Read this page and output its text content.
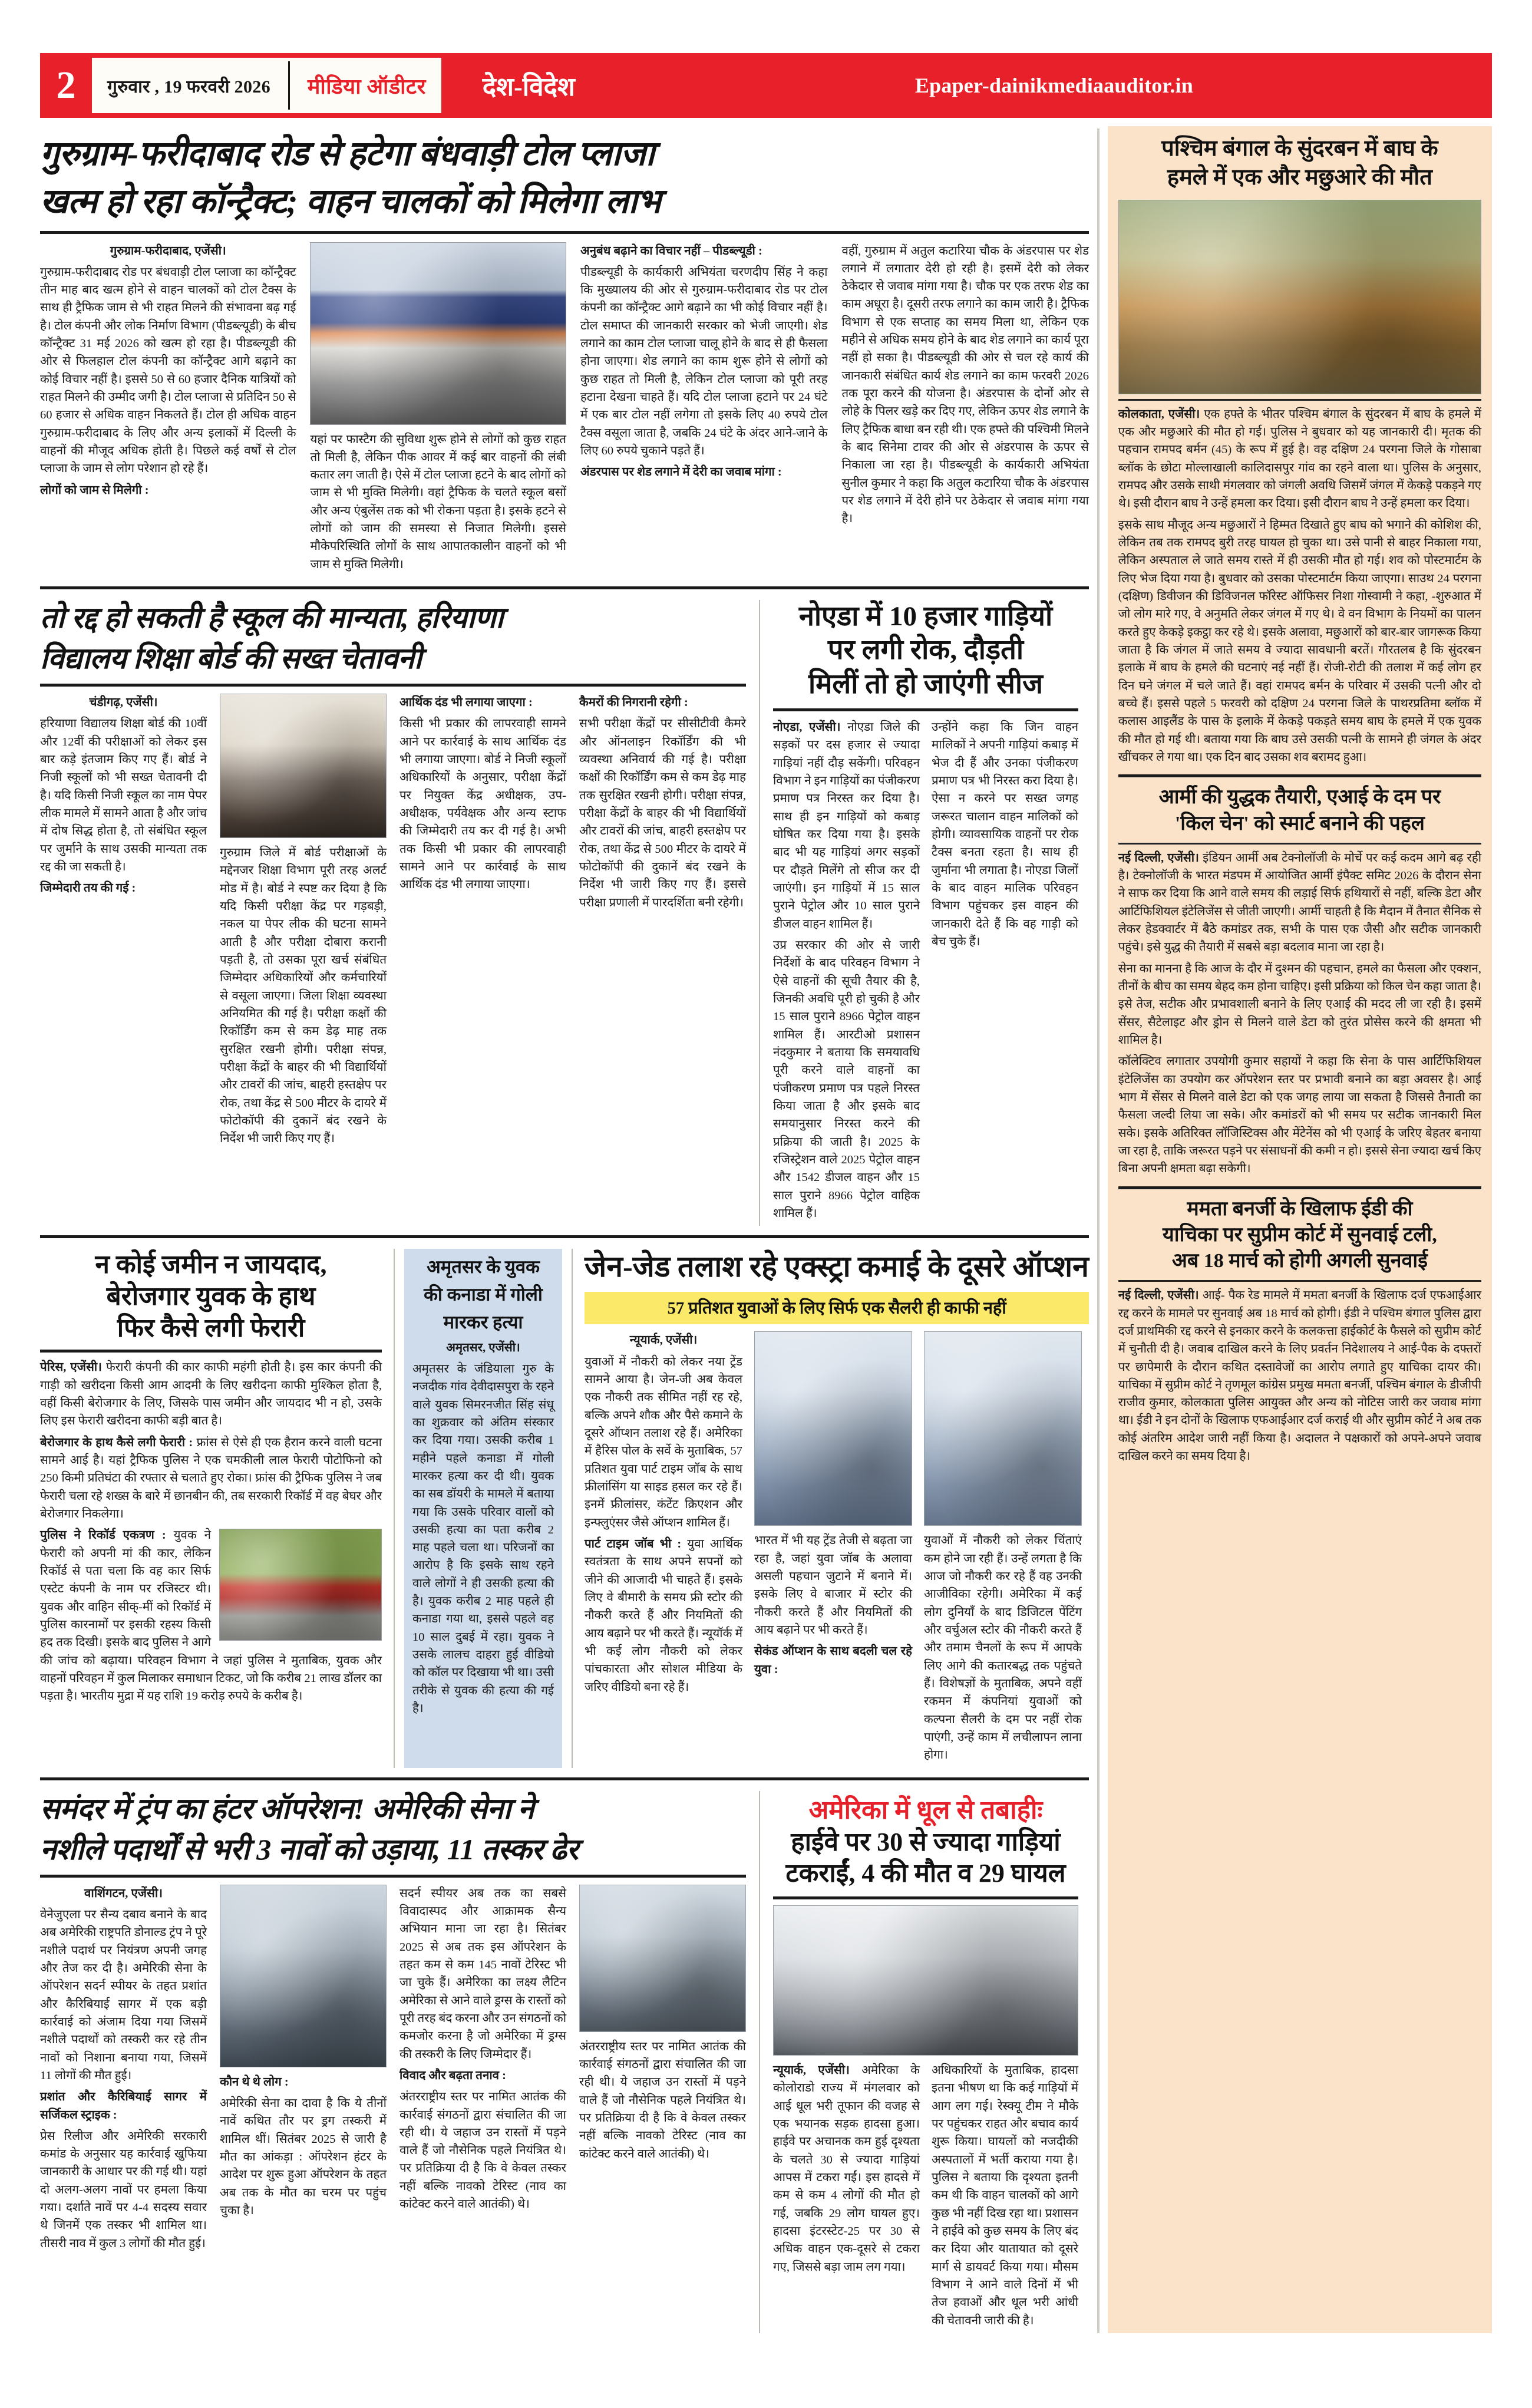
2	गुरुवार , 19 फरवरी 2026 मीडिया ऑडीटर	देश-विदेश	Epaper-dainikmediaauditor.in
गुरुग्राम-फरीदाबाद रोड से हटेगा बंधवाड़ी टोल प्लाजा
खत्म हो रहा कॉन्ट्रैक्ट; वाहन चालकों को मिलेगा लाभ

गुरुग्राम-फरीदाबाद, एजेंसी।

गुरुग्राम-फरीदाबाद रोड पर बंधवाड़ी टोल प्लाजा का कॉन्ट्रैक्ट तीन माह बाद खत्म होने से वाहन चालकों को टोल टैक्स के साथ ही ट्रैफिक जाम से भी राहत मिलने की संभावना बढ़ गई है। टोल कंपनी और लोक निर्माण विभाग (पीडब्ल्यूडी) के बीच कॉन्ट्रैक्ट 31 मई 2026 को खत्म हो रहा है। पीडब्ल्यूडी की ओर से फिलहाल टोल कंपनी का कॉन्ट्रैक्ट आगे बढ़ाने का कोई विचार नहीं है। इससे 50 से 60 हजार दैनिक यात्रियों को राहत मिलने की उम्मीद जगी है। टोल प्लाजा से प्रतिदिन 50 से 60 हजार से अधिक वाहन निकलते हैं। टोल ही अधिक वाहन गुरुग्राम-फरीदाबाद के लिए और अन्य इलाकों में दिल्ली के वाहनों की मौजूद अधिक होती है। पिछले कई वर्षों से टोल प्लाजा के जाम से लोग परेशान हो रहे हैं।

लोगों को जाम से मिलेगी :

यहां पर फास्टैग की सुविधा शुरू होने से लोगों को कुछ राहत तो मिली है, लेकिन पीक आवर में कई बार वाहनों की लंबी कतार लग जाती है। ऐसे में टोल प्लाजा हटने के बाद लोगों को जाम से भी मुक्ति मिलेगी। वहां ट्रैफिक के चलते स्कूल बसों और अन्य एंबुलेंस तक को भी रोकना पड़ता है। इसके हटने से लोगों को जाम की समस्या से निजात मिलेगी। इससे मौकेपरिस्थिति लोगों के साथ आपातकालीन वाहनों को भी जाम से मुक्ति मिलेगी।

अनुबंध बढ़ाने का विचार नहीं – पीडब्ल्यूडी :

पीडब्ल्यूडी के कार्यकारी अभियंता चरणदीप सिंह ने कहा कि मुख्यालय की ओर से गुरुग्राम-फरीदाबाद रोड पर टोल कंपनी का कॉन्ट्रैक्ट आगे बढ़ाने का भी कोई विचार नहीं है। टोल समाप्त की जानकारी सरकार को भेजी जाएगी। शेड लगाने का काम टोल प्लाजा चालू होने के बाद से ही फैसला होना जाएगा। शेड लगाने का काम शुरू होने से लोगों को कुछ राहत तो मिली है, लेकिन टोल प्लाजा को पूरी तरह हटाना देखना चाहते हैं। यदि टोल प्लाजा हटाने पर 24 घंटे में एक बार टोल नहीं लगेगा तो इसके लिए 40 रुपये टोल टैक्स वसूला जाता है, जबकि 24 घंटे के अंदर आने-जाने के लिए 60 रुपये चुकाने पड़ते हैं।

अंडरपास पर शेड लगाने में देरी का जवाब मांगा :

वहीं, गुरुग्राम में अतुल कटारिया चौक के अंडरपास पर शेड लगाने में लगातार देरी हो रही है। इसमें देरी को लेकर ठेकेदार से जवाब मांगा गया है। चौक पर एक तरफ शेड का काम अधूरा है। दूसरी तरफ लगाने का काम जारी है। ट्रैफिक विभाग से एक सप्ताह का समय मिला था, लेकिन एक महीने से अधिक समय होने के बाद शेड लगाने का कार्य पूरा नहीं हो सका है। पीडब्ल्यूडी की ओर से चल रहे कार्य की जानकारी संबंधित कार्य शेड लगाने का काम फरवरी 2026 तक पूरा करने की योजना है। अंडरपास के दोनों ओर से लोहे के पिलर खड़े कर दिए गए, लेकिन ऊपर शेड लगाने के लिए ट्रैफिक बाधा बन रही थी। एक हफ्ते की पश्चिमी मिलने के बाद सिनेमा टावर की ओर से अंडरपास के ऊपर से निकाला जा रहा है। पीडब्ल्यूडी के कार्यकारी अभियंता सुनील कुमार ने कहा कि अतुल कटारिया चौक के अंडरपास पर शेड लगाने में देरी होने पर ठेकेदार से जवाब मांगा गया है।

तो रद्द हो सकती है स्कूल की मान्यता, हरियाणा
विद्यालय शिक्षा बोर्ड की सख्त चेतावनी

चंडीगढ़, एजेंसी।

हरियाणा विद्यालय शिक्षा बोर्ड की 10वीं और 12वीं की परीक्षाओं को लेकर इस बार कड़े इंतजाम किए गए हैं। बोर्ड ने निजी स्कूलों को भी सख्त चेतावनी दी है। यदि किसी निजी स्कूल का नाम पेपर लीक मामले में सामने आता है और जांच में दोष सिद्ध होता है, तो संबंधित स्कूल पर जुर्माने के साथ उसकी मान्यता तक रद्द की जा सकती है।

जिम्मेदारी तय की गई :

गुरुग्राम जिले में बोर्ड परीक्षाओं के मद्देनजर शिक्षा विभाग पूरी तरह अलर्ट मोड में है। बोर्ड ने स्पष्ट कर दिया है कि यदि किसी परीक्षा केंद्र पर गड़बड़ी, नकल या पेपर लीक की घटना सामने आती है और परीक्षा दोबारा करानी पड़ती है, तो उसका पूरा खर्च संबंधित जिम्मेदार अधिकारियों और कर्मचारियों से वसूला जाएगा। जिला शिक्षा व्यवस्था अनियमित की गई है। परीक्षा कक्षों की रिकॉर्डिंग कम से कम डेढ़ माह तक सुरक्षित रखनी होगी। परीक्षा संपन्न, परीक्षा केंद्रों के बाहर की भी विद्यार्थियों और टावरों की जांच, बाहरी हस्तक्षेप पर रोक, तथा केंद्र से 500 मीटर के दायरे में फोटोकॉपी की दुकानें बंद रखने के निर्देश भी जारी किए गए हैं।

आर्थिक दंड भी लगाया जाएगा :

किसी भी प्रकार की लापरवाही सामने आने पर कार्रवाई के साथ आर्थिक दंड भी लगाया जाएगा। बोर्ड ने निजी स्कूलों अधिकारियों के अनुसार, परीक्षा केंद्रों पर नियुक्त केंद्र अधीक्षक, उप-अधीक्षक, पर्यवेक्षक और अन्य स्टाफ की जिम्मेदारी तय कर दी गई है। अभी तक किसी भी प्रकार की लापरवाही सामने आने पर कार्रवाई के साथ आर्थिक दंड भी लगाया जाएगा।

कैमरों की निगरानी रहेगी :

सभी परीक्षा केंद्रों पर सीसीटीवी कैमरे और ऑनलाइन रिकॉर्डिंग की भी व्यवस्था अनिवार्य की गई है। परीक्षा कक्षों की रिकॉर्डिंग कम से कम डेढ़ माह तक सुरक्षित रखनी होगी। परीक्षा संपन्न, परीक्षा केंद्रों के बाहर की भी विद्यार्थियों और टावरों की जांच, बाहरी हस्तक्षेप पर रोक, तथा केंद्र से 500 मीटर के दायरे में फोटोकॉपी की दुकानें बंद रखने के निर्देश भी जारी किए गए हैं। इससे परीक्षा प्रणाली में पारदर्शिता बनी रहेगी।

नोएडा में 10 हजार गाड़ियों
पर लगी रोक, दौड़ती
मिलीं तो हो जाएंगी सीज

नोएडा, एजेंसी। नोएडा जिले की सड़कों पर दस हजार से ज्यादा गाड़ियां नहीं दौड़ सकेंगी। परिवहन विभाग ने इन गाड़ियों का पंजीकरण प्रमाण पत्र निरस्त कर दिया है। साथ ही इन गाड़ियों को कबाड़ घोषित कर दिया गया है। इसके बाद भी यह गाड़ियां अगर सड़कों पर दौड़ते मिलेंगे तो सीज कर दी जाएंगी। इन गाड़ियों में 15 साल पुराने पेट्रोल और 10 साल पुराने डीजल वाहन शामिल हैं।

उप्र सरकार की ओर से जारी निर्देशों के बाद परिवहन विभाग ने ऐसे वाहनों की सूची तैयार की है, जिनकी अवधि पूरी हो चुकी है और 15 साल पुराने 8966 पेट्रोल वाहन शामिल हैं। आरटीओ प्रशासन नंदकुमार ने बताया कि समयावधि पूरी करने वाले वाहनों का पंजीकरण प्रमाण पत्र पहले निरस्त किया जाता है और इसके बाद समयानुसार निरस्त करने की प्रक्रिया की जाती है। 2025 के रजिस्ट्रेशन वाले 2025 पेट्रोल वाहन और 1542 डीजल वाहन और 15 साल पुराने 8966 पेट्रोल वाहिक शामिल हैं।

उन्होंने कहा कि जिन वाहन मालिकों ने अपनी गाड़ियां कबाड़ में भेज दी हैं और उनका पंजीकरण प्रमाण पत्र भी निरस्त करा दिया है। ऐसा न करने पर सख्त जगह जरूरत चालान वाहन मालिकों को होगी। व्यावसायिक वाहनों पर रोक टैक्स बनता रहता है। साथ ही जुर्माना भी लगाता है। नोएडा जिलों के बाद वाहन मालिक परिवहन विभाग पहुंचकर इस वाहन की जानकारी देते हैं कि वह गाड़ी को बेच चुके हैं।

न कोई जमीन न जायदाद,
बेरोजगार युवक के हाथ
फिर कैसे लगी फेरारी

पेरिस, एजेंसी। फेरारी कंपनी की कार काफी महंगी होती है। इस कार कंपनी की गाड़ी को खरीदना किसी आम आदमी के लिए खरीदना काफी मुश्किल होता है, वहीं किसी बेरोजगार के लिए, जिसके पास जमीन और जायदाद भी न हो, उसके लिए इस फेरारी खरीदना काफी बड़ी बात है।

बेरोजगार के हाथ कैसे लगी फेरारी : फ्रांस से ऐसे ही एक हैरान करने वाली घटना सामने आई है। यहां ट्रैफिक पुलिस ने एक चमकीली लाल फेरारी पोटोफिनो को 250 किमी प्रतिघंटा की रफ्तार से चलाते हुए रोका। फ्रांस की ट्रैफिक पुलिस ने जब फेरारी चला रहे शख्स के बारे में छानबीन की, तब सरकारी रिकॉर्ड में वह बेघर और बेरोजगार निकलेगा।

पुलिस ने रिकॉर्ड एकत्रण : युवक ने फेरारी को अपनी मां की कार, लेकिन रिकॉर्ड से पता चला कि वह कार सिर्फ एस्टेट कंपनी के नाम पर रजिस्टर थी। युवक और वाहिन सीक्-मीं को रिकॉर्ड में पुलिस कारनामों पर इसकी रहस्य किसी हद तक दिखी। इसके बाद पुलिस ने आगे की जांच को बढ़ाया। परिवहन विभाग ने जहां पुलिस ने मुताबिक, युवक और वाहनों परिवहन में कुल मिलाकर समाधान टिकट, जो कि करीब 21 लाख डॉलर का पड़ता है। भारतीय मुद्रा में यह राशि 19 करोड़ रुपये के करीब है।

अमृतसर के युवक
की कनाडा में गोली
मारकर हत्या

अमृतसर, एजेंसी।

अमृतसर के जंडियाला गुरु के नजदीक गांव देवीदासपुरा के रहने वाले युवक सिमरनजीत सिंह संधू का शुक्रवार को अंतिम संस्कार कर दिया गया। उसकी करीब 1 महीने पहले कनाडा में गोली मारकर हत्या कर दी थी। युवक का सब डॉयरी के मामले में बताया गया कि उसके परिवार वालों को उसकी हत्या का पता करीब 2 माह पहले चला था। परिजनों का आरोप है कि इसके साथ रहने वाले लोगों ने ही उसकी हत्या की है। युवक करीब 2 माह पहले ही कनाडा गया था, इससे पहले वह 10 साल दुबई में रहा। युवक ने उसके लालच दाहरा हुई वीडियो को कॉल पर दिखाया भी था। उसी तरीके से युवक की हत्या की गई है।

जेन-जेड तलाश रहे एक्स्ट्रा कमाई के दूसरे ऑप्शन
57 प्रतिशत युवाओं के लिए सिर्फ एक सैलरी ही काफी नहीं

न्यूयार्क, एजेंसी।

युवाओं में नौकरी को लेकर नया ट्रेंड सामने आया है। जेन-जी अब केवल एक नौकरी तक सीमित नहीं रह रहे, बल्कि अपने शौक और पैसे कमाने के दूसरे ऑप्शन तलाश रहे हैं। अमेरिका में हैरिस पोल के सर्वे के मुताबिक, 57 प्रतिशत युवा पार्ट टाइम जॉब के साथ फ्रीलांसिंग या साइड हसल कर रहे हैं। इनमें फ्रीलांसर, कंटेंट क्रिएशन और इन्फ्लुएंसर जैसे ऑप्शन शामिल हैं।

पार्ट टाइम जॉब भी : युवा आर्थिक स्वतंत्रता के साथ अपने सपनों को जीने की आजादी भी चाहते हैं। इसके लिए वे बीमारी के समय फ्री स्टोर की नौकरी करते हैं और नियमितों की आय बढ़ाने पर भी करते हैं। न्यूयॉर्क में भी कई लोग नौकरी को लेकर पांचकारता और सोशल मीडिया के जरिए वीडियो बना रहे हैं।

भारत में भी यह ट्रेंड तेजी से बढ़ता जा रहा है, जहां युवा जॉब के अलावा असली पहचान जुटाने में बनाने में। इसके लिए वे बाजार में स्टोर की नौकरी करते हैं और नियमितों की आय बढ़ाने पर भी करते हैं।

सेकंड ऑप्शन के साथ बदली चल रहे युवा :

युवाओं में नौकरी को लेकर चिंताएं कम होने जा रही हैं। उन्हें लगता है कि आज जो नौकरी कर रहे हैं वह उनकी आजीविका रहेगी। अमेरिका में कई लोग दुनियाँ के बाद डिजिटल पेंटिंग और वर्चुअल स्टोर की नौकरी करते हैं और तमाम चैनलों के रूप में आपके लिए आगे की कतारबद्ध तक पहुंचते हैं। विशेषज्ञों के मुताबिक, अपने वहीं रकमन में कंपनियां युवाओं को कल्पना सैलरी के दम पर नहीं रोक पाएंगी, उन्हें काम में लचीलापन लाना होगा।

समंदर में ट्रंप का हंटर ऑपरेशन! अमेरिकी सेना ने
नशीले पदार्थों से भरी 3 नावों को उड़ाया, 11 तस्कर ढेर

वाशिंगटन, एजेंसी।

वेनेजुएला पर सैन्य दबाव बनाने के बाद अब अमेरिकी राष्ट्रपति डोनाल्ड ट्रंप ने पूरे नशीले पदार्थ पर नियंत्रण अपनी जगह और तेज कर दी है। अमेरिकी सेना के ऑपरेशन सदर्न स्पीयर के तहत प्रशांत और कैरिबियाई सागर में एक बड़ी कार्रवाई को अंजाम दिया गया जिसमें नशीले पदार्थों को तस्करी कर रहे तीन नावों को निशाना बनाया गया, जिसमें 11 लोगों की मौत हुई।

प्रशांत और कैरिबियाई सागर में सर्जिकल स्ट्राइक :

प्रेस रिलीज और अमेरिकी सरकारी कमांड के अनुसार यह कार्रवाई खुफिया जानकारी के आधार पर की गई थी। यहां दो अलग-अलग नावों पर हमला किया गया। दर्शाते नावें पर 4-4 सदस्य सवार थे जिनमें एक तस्कर भी शामिल था। तीसरी नाव में कुल 3 लोगों की मौत हुई।

कौन थे थे लोग :

अमेरिकी सेना का दावा है कि ये तीनों नावें कथित तौर पर ड्रग तस्करी में शामिल थीं। सितंबर 2025 से जारी है मौत का आंकड़ा : ऑपरेशन हंटर के आदेश पर शुरू हुआ ऑपरेशन के तहत अब तक के मौत का चरम पर पहुंच चुका है।

सदर्न स्पीयर अब तक का सबसे विवादास्पद और आक्रामक सैन्य अभियान माना जा रहा है। सितंबर 2025 से अब तक इस ऑपरेशन के तहत कम से कम 145 नावों टेरिस्ट भी जा चुके हैं। अमेरिका का लक्ष्य लैटिन अमेरिका से आने वाले ड्रग्स के रास्तों को पूरी तरह बंद करना और उन संगठनों को कमजोर करना है जो अमेरिका में ड्रग्स की तस्करी के लिए जिम्मेदार हैं।

विवाद और बढ़ता तनाव :

अंतरराष्ट्रीय स्तर पर नामित आतंक की कार्रवाई संगठनों द्वारा संचालित की जा रही थी। ये जहाज उन रास्तों में पड़ने वाले हैं जो नौसेनिक पहले नियंत्रित थे। पर प्रतिक्रिया दी है कि वे केवल तस्कर नहीं बल्कि नावको टेरिस्ट (नाव का कांटेक्ट करने वाले आतंकी) थे।

अंतरराष्ट्रीय स्तर पर नामित आतंक की कार्रवाई संगठनों द्वारा संचालित की जा रही थी। ये जहाज उन रास्तों में पड़ने वाले हैं जो नौसेनिक पहले नियंत्रित थे। पर प्रतिक्रिया दी है कि वे केवल तस्कर नहीं बल्कि नावको टेरिस्ट (नाव का कांटेक्ट करने वाले आतंकी) थे।

अमेरिका में धूल से तबाहीः
हाईवे पर 30 से ज्यादा गाड़ियां
टकराईं, 4 की मौत व 29 घायल

न्यूयार्क, एजेंसी। अमेरिका के कोलोराडो राज्य में मंगलवार को आई धूल भरी तूफान की वजह से एक भयानक सड़क हादसा हुआ। हाईवे पर अचानक कम हुई दृश्यता के चलते 30 से ज्यादा गाड़ियां आपस में टकरा गईं। इस हादसे में कम से कम 4 लोगों की मौत हो गई, जबकि 29 लोग घायल हुए। हादसा इंटरस्टेट-25 पर 30 से अधिक वाहन एक-दूसरे से टकरा गए, जिससे बड़ा जाम लग गया।

अधिकारियों के मुताबिक, हादसा इतना भीषण था कि कई गाड़ियों में आग लग गई। रेस्क्यू टीम ने मौके पर पहुंचकर राहत और बचाव कार्य शुरू किया। घायलों को नजदीकी अस्पतालों में भर्ती कराया गया है। पुलिस ने बताया कि दृश्यता इतनी कम थी कि वाहन चालकों को आगे कुछ भी नहीं दिख रहा था। प्रशासन ने हाईवे को कुछ समय के लिए बंद कर दिया और यातायात को दूसरे मार्ग से डायवर्ट किया गया। मौसम विभाग ने आने वाले दिनों में भी तेज हवाओं और धूल भरी आंधी की चेतावनी जारी की है।

पश्चिम बंगाल के सुंदरबन में बाघ के
हमले में एक और मछुआरे की मौत

कोलकाता, एजेंसी। एक हफ्ते के भीतर पश्चिम बंगाल के सुंदरबन में बाघ के हमले में एक और मछुआरे की मौत हो गई। पुलिस ने बुधवार को यह जानकारी दी। मृतक की पहचान रामपद बर्मन (45) के रूप में हुई है। वह दक्षिण 24 परगना जिले के गोसाबा ब्लॉक के छोटा मोल्लाखाली कालिदासपुर गांव का रहने वाला था। पुलिस के अनुसार, रामपद और उसके साथी मंगलवार को जंगली अवधि जिसमें जंगल में केकड़े पकड़ने गए थे। इसी दौरान बाघ ने उन्हें हमला कर दिया। इसी दौरान बाघ ने उन्हें हमला कर दिया।

इसके साथ मौजूद अन्य मछुआरों ने हिम्मत दिखाते हुए बाघ को भगाने की कोशिश की, लेकिन तब तक रामपद बुरी तरह घायल हो चुका था। उसे पानी से बाहर निकाला गया, लेकिन अस्पताल ले जाते समय रास्ते में ही उसकी मौत हो गई। शव को पोस्टमार्टम के लिए भेज दिया गया है। बुधवार को उसका पोस्टमार्टम किया जाएगा। साउथ 24 परगना (दक्षिण) डिवीजन की डिविजनल फॉरेस्ट ऑफिसर निशा गोस्वामी ने कहा, -शुरुआत में जो लोग मारे गए, वे अनुमति लेकर जंगल में गए थे। वे वन विभाग के नियमों का पालन करते हुए केकड़े इकट्ठा कर रहे थे। इसके अलावा, मछुआरों को बार-बार जागरूक किया जाता है कि जंगल में जाते समय वे ज्यादा सावधानी बरतें। गौरतलब है कि सुंदरबन इलाके में बाघ के हमले की घटनाएं नई नहीं हैं। रोजी-रोटी की तलाश में कई लोग हर दिन घने जंगल में चले जाते हैं। वहां रामपद बर्मन के परिवार में उसकी पत्नी और दो बच्चे हैं। इससे पहले 5 फरवरी को दक्षिण 24 परगना जिले के पाथरप्रतिमा ब्लॉक में कलास आइलैंड के पास के इलाके में केकड़े पकड़ते समय बाघ के हमले में एक युवक की मौत हो गई थी। बताया गया कि बाघ उसे उसकी पत्नी के सामने ही जंगल के अंदर खींचकर ले गया था। एक दिन बाद उसका शव बरामद हुआ।

आर्मी की युद्धक तैयारी, एआई के दम पर
'किल चेन' को स्मार्ट बनाने की पहल

नई दिल्ली, एजेंसी। इंडियन आर्मी अब टेक्नोलॉजी के मोर्चे पर कई कदम आगे बढ़ रही है। टेक्नोलॉजी के भारत मंडपम में आयोजित आर्मी इंपैक्ट समिट 2026 के दौरान सेना ने साफ कर दिया कि आने वाले समय की लड़ाई सिर्फ हथियारों से नहीं, बल्कि डेटा और आर्टिफिशियल इंटेलिजेंस से जीती जाएगी। आर्मी चाहती है कि मैदान में तैनात सैनिक से लेकर हेडक्वार्टर में बैठे कमांडर तक, सभी के पास एक जैसी और सटीक जानकारी पहुंचे। इसे युद्ध की तैयारी में सबसे बड़ा बदलाव माना जा रहा है।

सेना का मानना है कि आज के दौर में दुश्मन की पहचान, हमले का फैसला और एक्शन, तीनों के बीच का समय बेहद कम होना चाहिए। इसी प्रक्रिया को किल चेन कहा जाता है। इसे तेज, सटीक और प्रभावशाली बनाने के लिए एआई की मदद ली जा रही है। इसमें सेंसर, सैटेलाइट और ड्रोन से मिलने वाले डेटा को तुरंत प्रोसेस करने की क्षमता भी शामिल है।

कॉलेक्टिव लगातार उपयोगी कुमार सहायों ने कहा कि सेना के पास आर्टिफिशियल इंटेलिजेंस का उपयोग कर ऑपरेशन स्तर पर प्रभावी बनाने का बड़ा अवसर है। आई भाग में सेंसर से मिलने वाले डेटा को एक जगह लाया जा सकता है जिससे तैनाती का फैसला जल्दी लिया जा सके। और कमांडरों को भी समय पर सटीक जानकारी मिल सके। इसके अतिरिक्त लॉजिस्टिक्स और मेंटेनेंस को भी एआई के जरिए बेहतर बनाया जा रहा है, ताकि जरूरत पड़ने पर संसाधनों की कमी न हो। इससे सेना ज्यादा खर्च किए बिना अपनी क्षमता बढ़ा सकेगी।

ममता बनर्जी के खिलाफ ईडी की
याचिका पर सुप्रीम कोर्ट में सुनवाई टली,
अब 18 मार्च को होगी अगली सुनवाई

नई दिल्ली, एजेंसी। आई- पैक रेड मामले में ममता बनर्जी के खिलाफ दर्ज एफआईआर रद्द करने के मामले पर सुनवाई अब 18 मार्च को होगी। ईडी ने पश्चिम बंगाल पुलिस द्वारा दर्ज प्राथमिकी रद्द करने से इनकार करने के कलकत्ता हाईकोर्ट के फैसले को सुप्रीम कोर्ट में चुनौती दी है। जवाब दाखिल करने के लिए प्रवर्तन निदेशालय ने आई-पैक के दफ्तरों पर छापेमारी के दौरान कथित दस्तावेजों का आरोप लगाते हुए याचिका दायर की। याचिका में सुप्रीम कोर्ट ने तृणमूल कांग्रेस प्रमुख ममता बनर्जी, पश्चिम बंगाल के डीजीपी राजीव कुमार, कोलकाता पुलिस आयुक्त और अन्य को नोटिस जारी कर जवाब मांगा था। ईडी ने इन दोनों के खिलाफ एफआईआर दर्ज कराई थी और सुप्रीम कोर्ट ने अब तक कोई अंतरिम आदेश जारी नहीं किया है। अदालत ने पक्षकारों को अपने-अपने जवाब दाखिल करने का समय दिया है।
